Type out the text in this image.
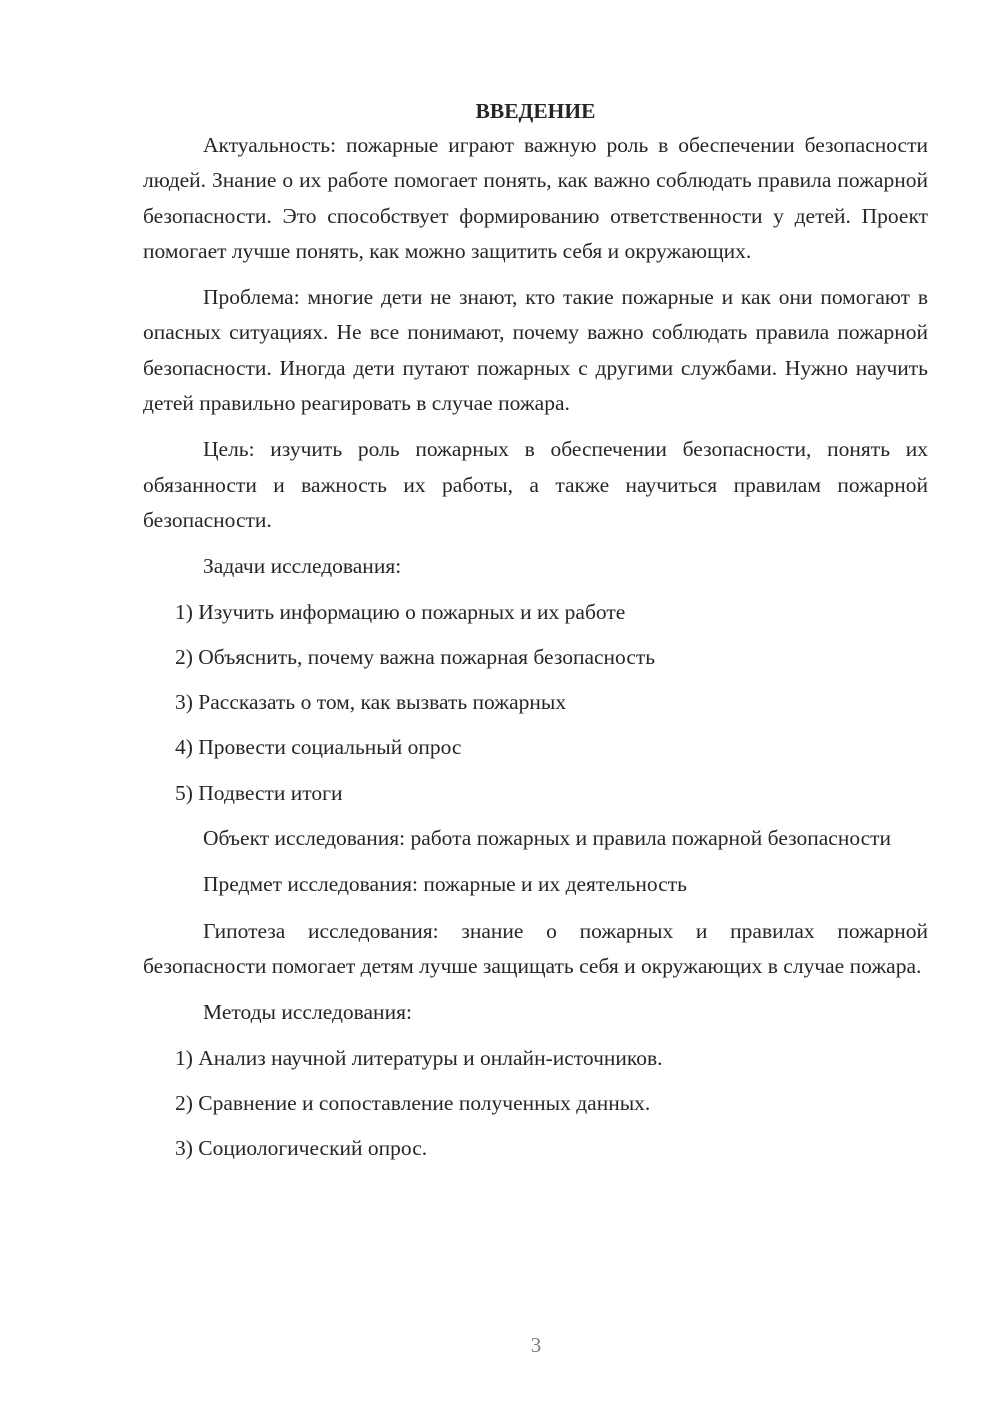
ВВЕДЕНИЕ

Актуальность: пожарные играют важную роль в обеспечении безопасности людей. Знание о их работе помогает понять, как важно соблюдать правила пожарной безопасности. Это способствует формированию ответственности у детей. Проект помогает лучше понять, как можно защитить себя и окружающих.

Проблема: многие дети не знают, кто такие пожарные и как они помогают в опасных ситуациях. Не все понимают, почему важно соблюдать правила пожарной безопасности. Иногда дети путают пожарных с другими службами. Нужно научить детей правильно реагировать в случае пожара.

Цель: изучить роль пожарных в обеспечении безопасности, понять их обязанности и важность их работы, а также научиться правилам пожарной безопасности.

Задачи исследования:
1) Изучить информацию о пожарных и их работе
2) Объяснить, почему важна пожарная безопасность
3) Рассказать о том, как вызвать пожарных
4) Провести социальный опрос
5) Подвести итоги

Объект исследования: работа пожарных и правила пожарной безопасности

Предмет исследования: пожарные и их деятельность

Гипотеза исследования: знание о пожарных и правилах пожарной безопасности помогает детям лучше защищать себя и окружающих в случае пожара.

Методы исследования:
1) Анализ научной литературы и онлайн-источников.
2) Сравнение и сопоставление полученных данных.
3) Социологический опрос.
3
